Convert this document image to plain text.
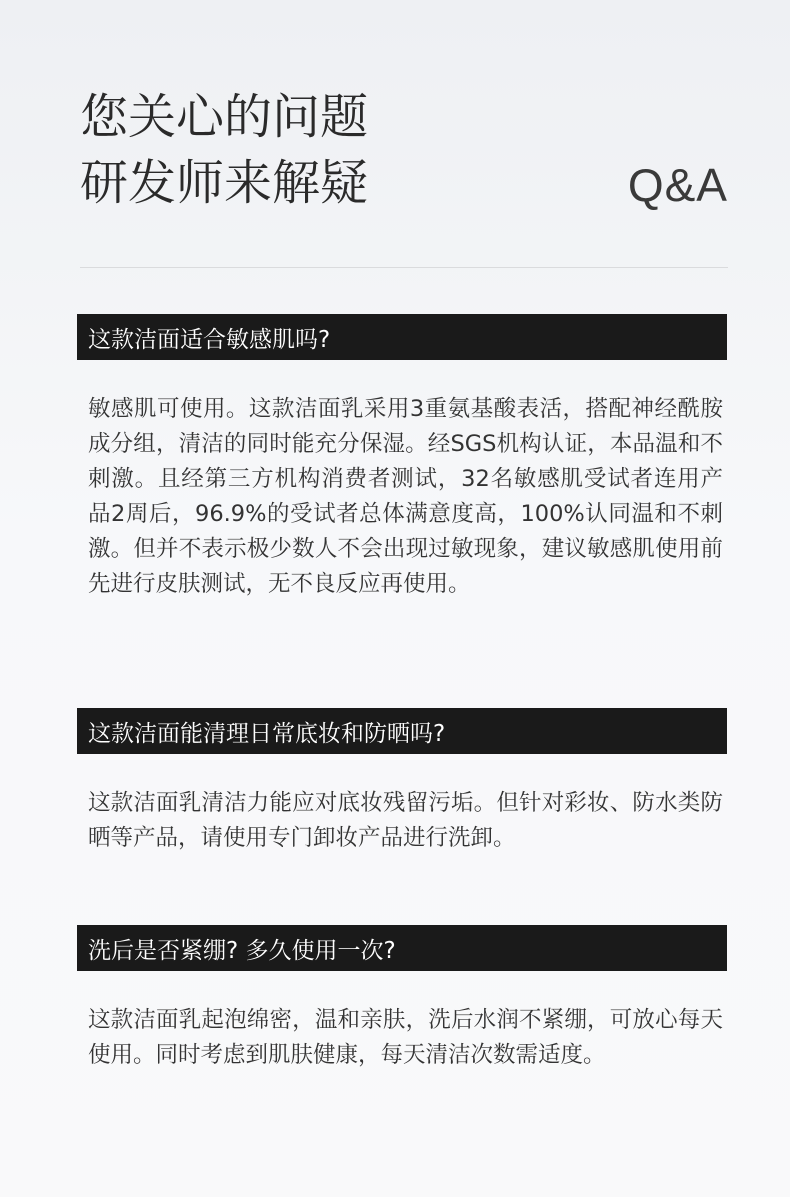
您关心的问题
研发师来解疑	Q&A
这款洁面适合敏感肌吗?

敏感肌可使用。这款洁面乳采用3重氨基酸表活，搭配神经酰胺成分组，清洁的同时能充分保湿。经SGS机构认证，本品温和不刺激。且经第三方机构消费者测试，32名敏感肌受试者连用产品2周后，96.9%的受试者总体满意度高，100%认同温和不刺激。但并不表示极少数人不会出现过敏现象，建议敏感肌使用前先进行皮肤测试，无不良反应再使用。

这款洁面能清理日常底妆和防晒吗?

这款洁面乳清洁力能应对底妆残留污垢。但针对彩妆、防水类防晒等产品，请使用专门卸妆产品进行洗卸。

洗后是否紧绷? 多久使用一次?

这款洁面乳起泡绵密，温和亲肤，洗后水润不紧绷，可放心每天使用。同时考虑到肌肤健康，每天清洁次数需适度。
